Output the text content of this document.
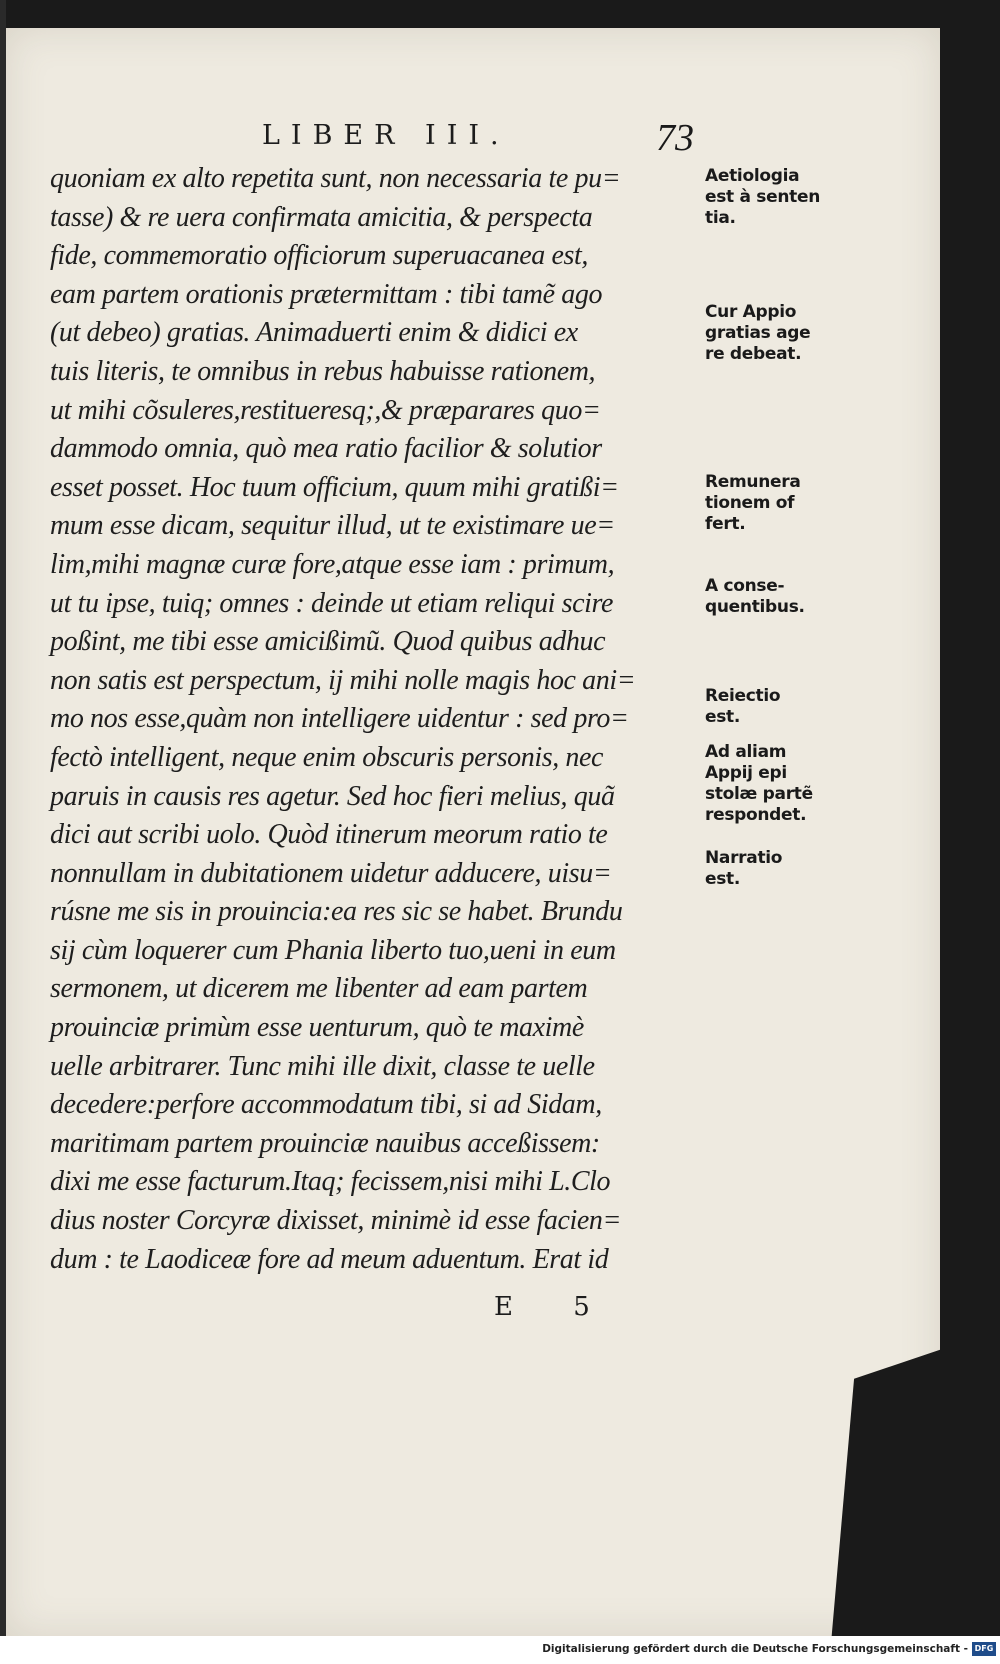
LIBER III.	73
quoniam ex alto repetita sunt, non necessaria te pu=
tasse) & re uera confirmata amicitia, & perspecta
fide, commemoratio officiorum superuacanea est,
eam partem orationis prætermittam : tibi tamẽ ago
(ut debeo) gratias. Animaduerti enim & didici ex
tuis literis, te omnibus in rebus habuisse rationem,
ut mihi cõsuleres,restitueresq;,& præparares quo=
dammodo omnia, quò mea ratio facilior & solutior
esset posset. Hoc tuum officium, quum mihi gratißi=
mum esse dicam, sequitur illud, ut te existimare ue=
lim,mihi magnæ curæ fore,atque esse iam : primum,
ut tu ipse, tuiq; omnes : deinde ut etiam reliqui scire
poßint, me tibi esse amicißimũ. Quod quibus adhuc
non satis est perspectum, ij mihi nolle magis hoc ani=
mo nos esse,quàm non intelligere uidentur : sed pro=
fectò intelligent, neque enim obscuris personis, nec
paruis in causis res agetur. Sed hoc fieri melius, quã
dici aut scribi uolo. Quòd itinerum meorum ratio te
nonnullam in dubitationem uidetur adducere, uisu=
rúsne me sis in prouincia:ea res sic se habet. Brundu
sij cùm loquerer cum Phania liberto tuo,ueni in eum
sermonem, ut dicerem me libenter ad eam partem
prouinciæ primùm esse uenturum, quò te maximè
uelle arbitrarer. Tunc mihi ille dixit, classe te uelle
decedere:perfore accommodatum tibi, si ad Sidam,
maritimam partem prouinciæ nauibus acceßissem:
dixi me esse facturum.Itaq; fecissem,nisi mihi L.Clo
dius noster Corcyræ dixisset, minimè id esse facien=
dum : te Laodiceæ fore ad meum aduentum. Erat id
Aetiologia
est à senten
tia.
Cur Appio
gratias age
re debeat.
Remunera
tionem of
fert.
A conse-
quentibus.
Reiectio
est.
Ad aliam
Appij epi
stolæ partẽ
respondet.
Narratio
est.
E 5
Digitalisierung gefördert durch die Deutsche Forschungsgemeinschaft - DFG
